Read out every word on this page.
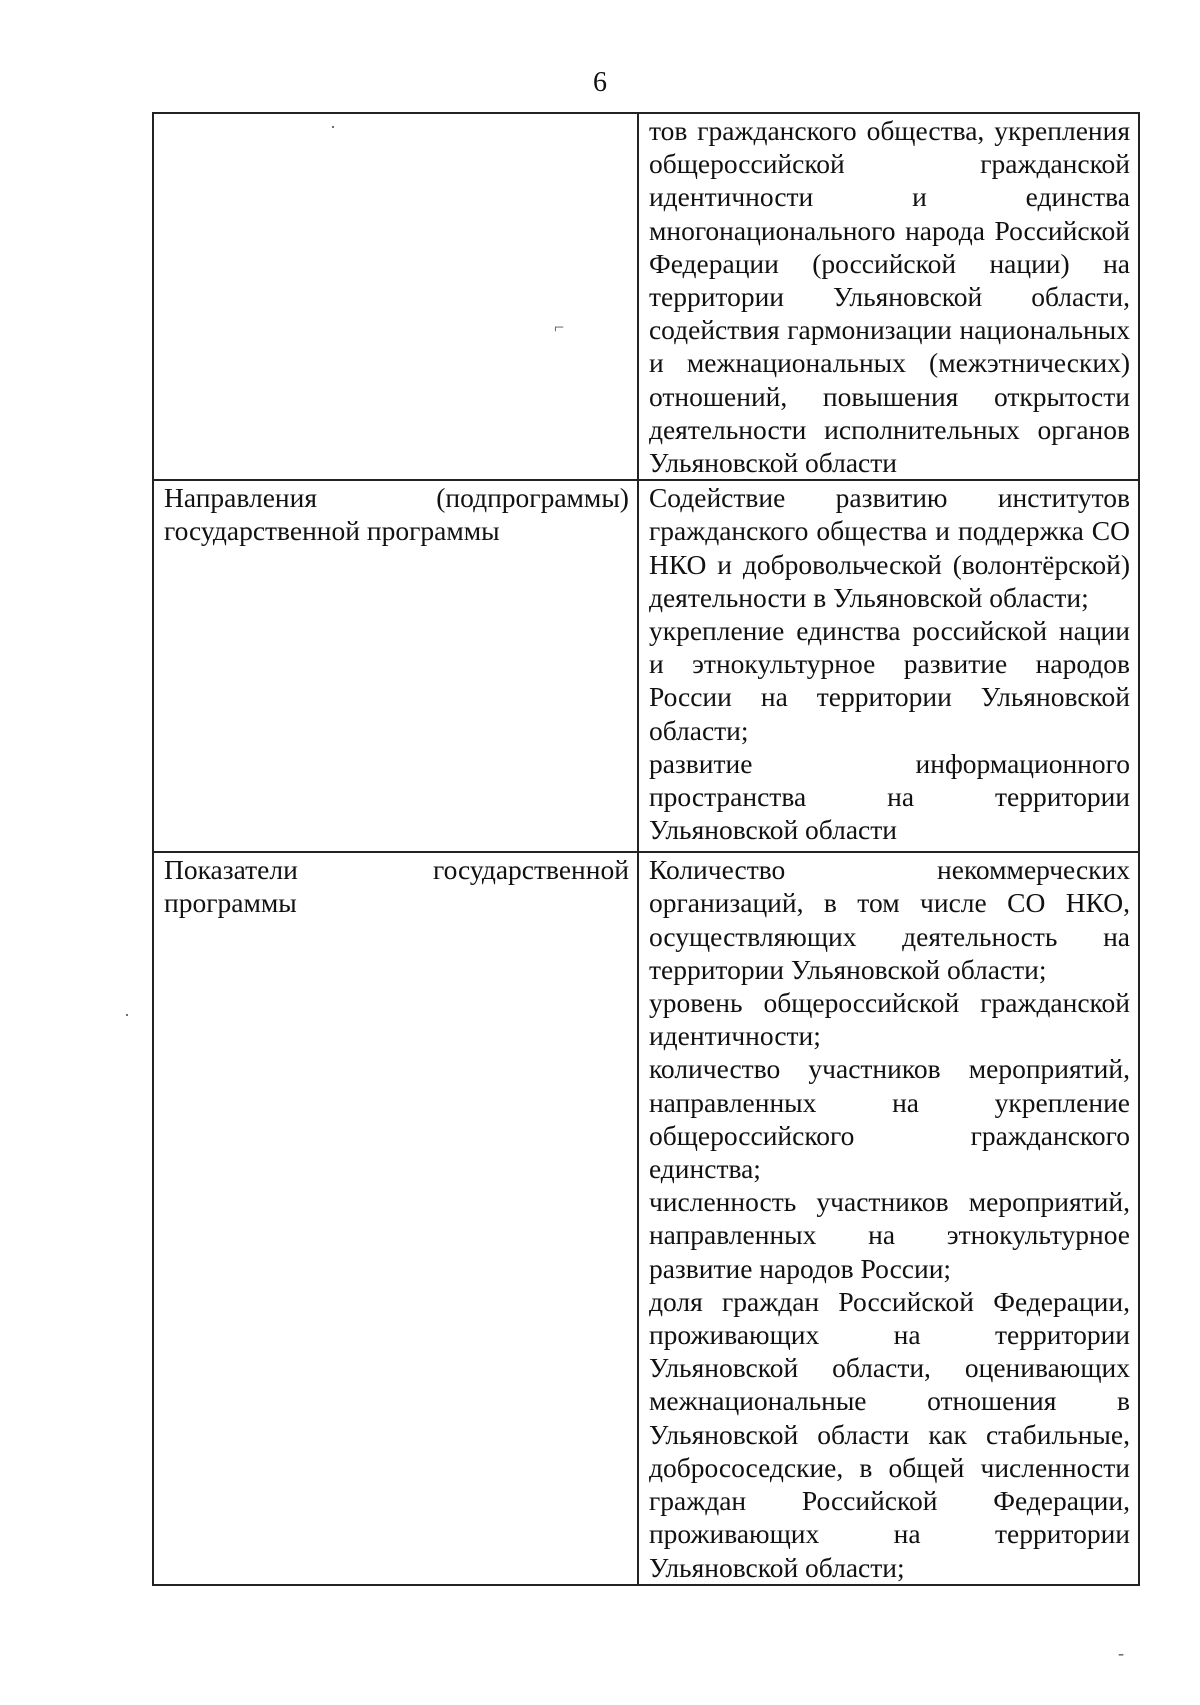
6

	тов гражданского общества, укрепления общероссийской гражданской идентичности и единства многонационального народа Российской Федерации (российской нации) на территории Ульяновской области, содействия гармонизации национальных и межнациональных (межэтнических) отношений, повышения открытости деятельности исполнительных органов Ульяновской области

Направления (подпрограммы) государственной программы	Содействие развитию институтов гражданского общества и поддержка СО НКО и добровольческой (волонтёрской) деятельности в Ульяновской области;
укрепление единства российской нации и этнокультурное развитие народов России на территории Ульяновской области;
развитие информационного пространства на территории Ульяновской области

Показатели государственной программы	Количество некоммерческих организаций, в том числе СО НКО, осуществляющих деятельность на территории Ульяновской области;
уровень общероссийской гражданской идентичности;
количество участников мероприятий, направленных на укрепление общероссийского гражданского единства;
численность участников мероприятий, направленных на этнокультурное развитие народов России;
доля граждан Российской Федерации, проживающих на территории Ульяновской области, оценивающих межнациональные отношения в Ульяновской области как стабильные, добрососедские, в общей численности граждан Российской Федерации, проживающих на территории Ульяновской области;
·
⌐
·
-
